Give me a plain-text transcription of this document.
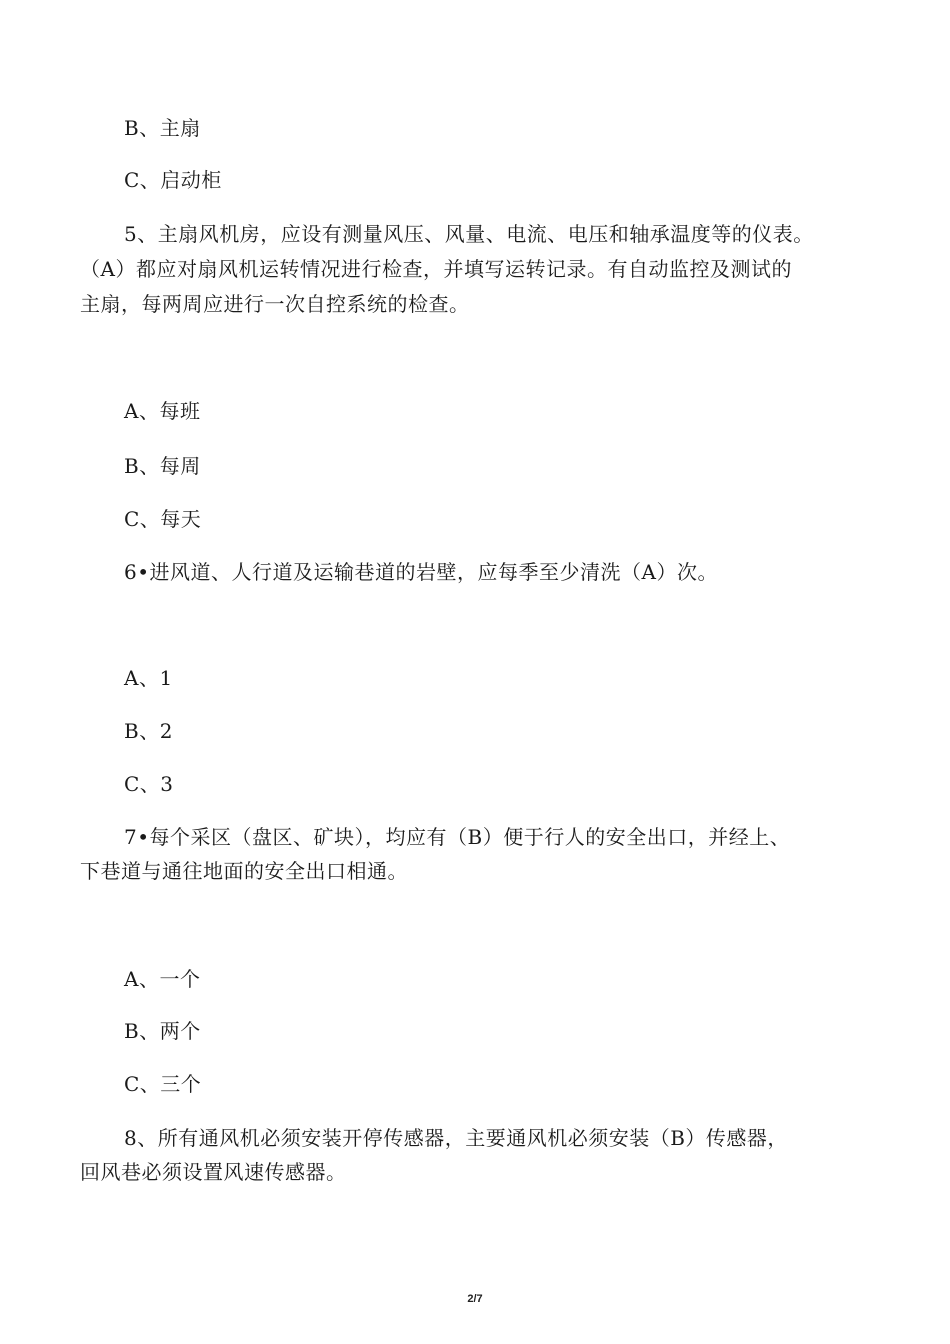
B、主扇
C、启动柜
5、主扇风机房，应设有测量风压、风量、电流、电压和轴承温度等的仪表。
（A）都应对扇风机运转情况进行检查，并填写运转记录。有自动监控及测试的
主扇，每两周应进行一次自控系统的检查。
A、每班
B、每周
C、每天
6•进风道、人行道及运输巷道的岩壁，应每季至少清洗（A）次。
A、1
B、2
C、3
7•每个采区（盘区、矿块），均应有（B）便于行人的安全出口，并经上、
下巷道与通往地面的安全出口相通。
A、一个
B、两个
C、三个
8、所有通风机必须安装开停传感器，主要通风机必须安装（B）传感器，
回风巷必须设置风速传感器。
2/7
